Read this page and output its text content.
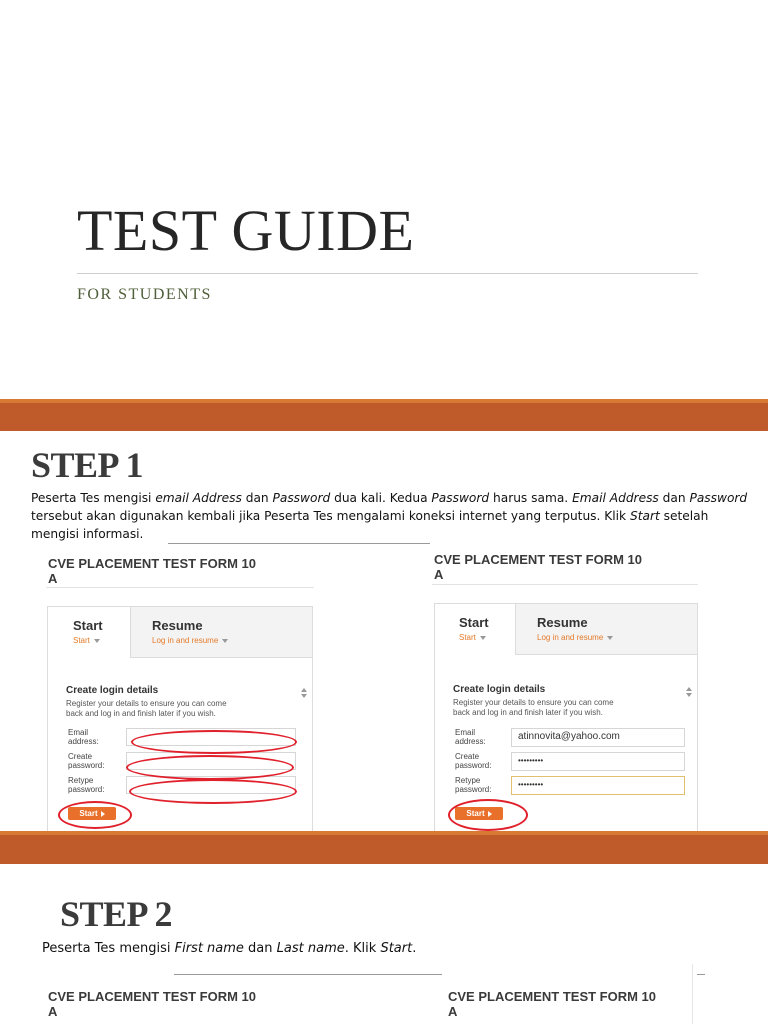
TEST GUIDE
FOR STUDENTS
STEP 1
Peserta Tes mengisi email Address dan Password dua kali. Kedua Password harus sama. Email Address dan Password tersebut akan digunakan kembali jika Peserta Tes mengalami koneksi internet yang terputus. Klik Start setelah mengisi informasi.
CVE PLACEMENT TEST FORM 10
A
Resume
Log in and resume
Start
Start
Create login details
Register your details to ensure you can come
back and log in and finish later if you wish.
Email
address:
Create
password:
Retype
password:
Start
CVE PLACEMENT TEST FORM 10
A
Resume
Log in and resume
Start
Start
Create login details
Register your details to ensure you can come
back and log in and finish later if you wish.
Email
address:	atinnovita@yahoo.com
Create
password:
•••••••••
Retype
password:
•••••••••
Start
STEP 2
Peserta Tes mengisi First name dan Last name. Klik Start.
CVE PLACEMENT TEST FORM 10
A
CVE PLACEMENT TEST FORM 10
A
